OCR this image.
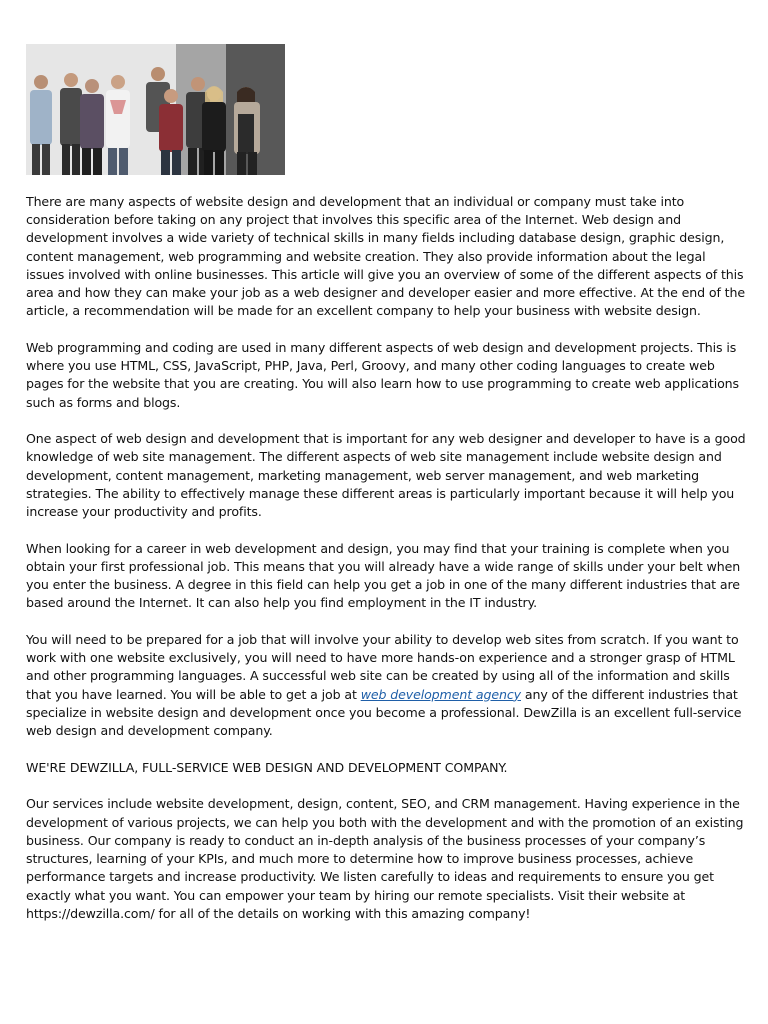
There are many aspects of website design and development that an individual or company must take into consideration before taking on any project that involves this specific area of the Internet. Web design and development involves a wide variety of technical skills in many fields including database design, graphic design, content management, web programming and website creation. They also provide information about the legal issues involved with online businesses. This article will give you an overview of some of the different aspects of this area and how they can make your job as a web designer and developer easier and more effective. At the end of the article, a recommendation will be made for an excellent company to help your business with website design.

Web programming and coding are used in many different aspects of web design and development projects. This is where you use HTML, CSS, JavaScript, PHP, Java, Perl, Groovy, and many other coding languages to create web pages for the website that you are creating. You will also learn how to use programming to create web applications such as forms and blogs.

One aspect of web design and development that is important for any web designer and developer to have is a good knowledge of web site management. The different aspects of web site management include website design and development, content management, marketing management, web server management, and web marketing strategies. The ability to effectively manage these different areas is particularly important because it will help you increase your productivity and profits.

When looking for a career in web development and design, you may find that your training is complete when you obtain your first professional job. This means that you will already have a wide range of skills under your belt when you enter the business. A degree in this field can help you get a job in one of the many different industries that are based around the Internet. It can also help you find employment in the IT industry.

You will need to be prepared for a job that will involve your ability to develop web sites from scratch. If you want to work with one website exclusively, you will need to have more hands-on experience and a stronger grasp of HTML and other programming languages. A successful web site can be created by using all of the information and skills that you have learned. You will be able to get a job at web development agency any of the different industries that specialize in website design and development once you become a professional. DewZilla is an excellent full-service web design and development company.

WE'RE DEWZILLA, FULL-SERVICE WEB DESIGN AND DEVELOPMENT COMPANY.

Our services include website development, design, content, SEO, and CRM management. Having experience in the development of various projects, we can help you both with the development and with the promotion of an existing business. Our company is ready to conduct an in-depth analysis of the business processes of your company’s structures, learning of your KPIs, and much more to determine how to improve business processes, achieve performance targets and increase productivity. We listen carefully to ideas and requirements to ensure you get exactly what you want. You can empower your team by hiring our remote specialists. Visit their website at https://dewzilla.com/ for all of the details on working with this amazing company!
